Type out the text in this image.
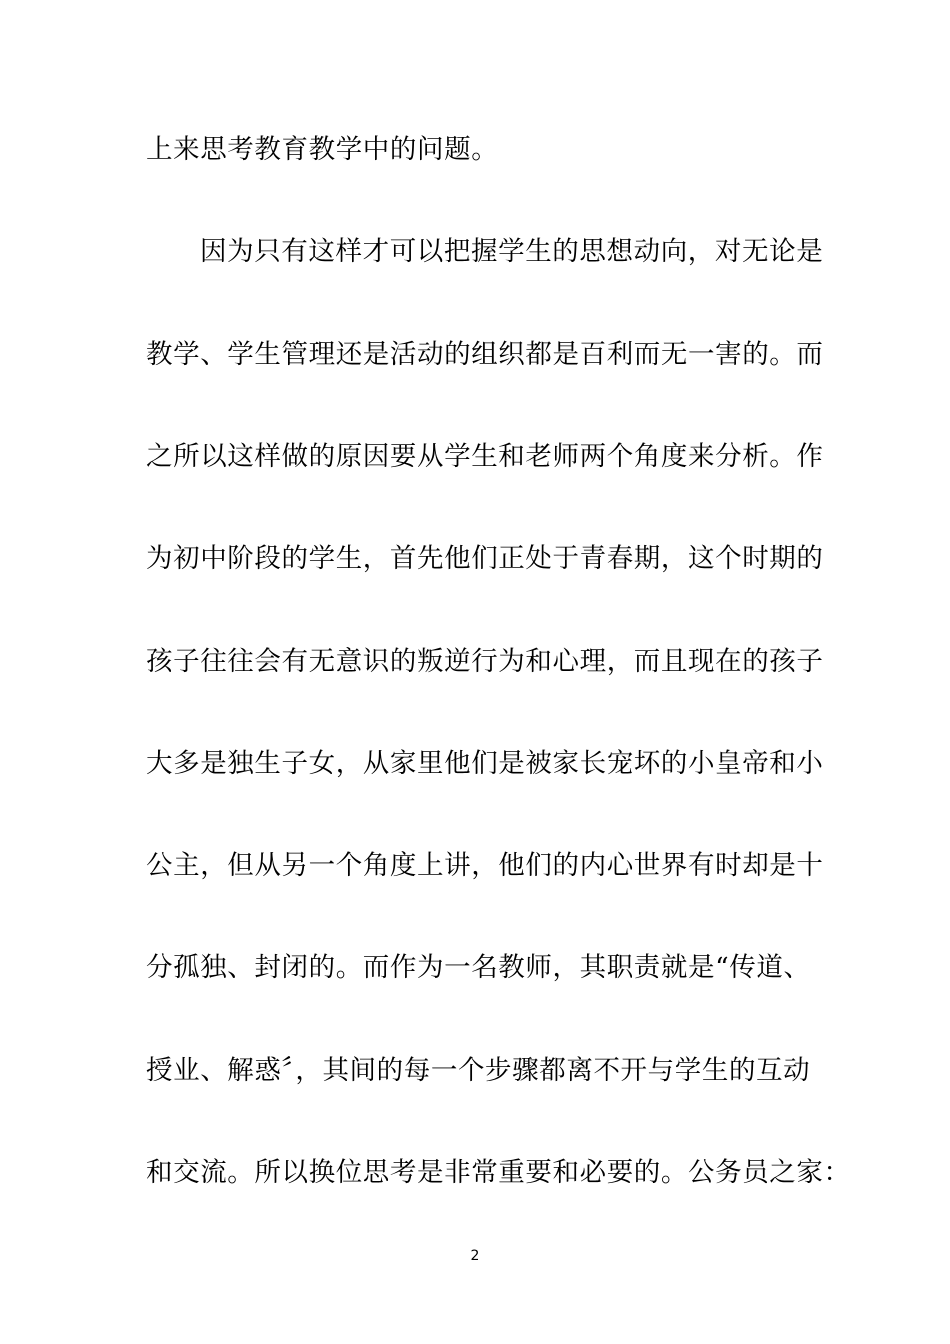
上来思考教育教学中的问题。
因为只有这样才可以把握学生的思想动向，对无论是
教学、学生管理还是活动的组织都是百利而无一害的。而
之所以这样做的原因要从学生和老师两个角度来分析。作
为初中阶段的学生，首先他们正处于青春期，这个时期的
孩子往往会有无意识的叛逆行为和心理，而且现在的孩子
大多是独生子女，从家里他们是被家长宠坏的小皇帝和小
公主，但从另一个角度上讲，他们的内心世界有时却是十
分孤独、封闭的。而作为一名教师，其职责就是“传道、
授业、解惑〞，其间的每一个步骤都离不开与学生的互动
和交流。所以换位思考是非常重要和必要的。公务员之家：
2
